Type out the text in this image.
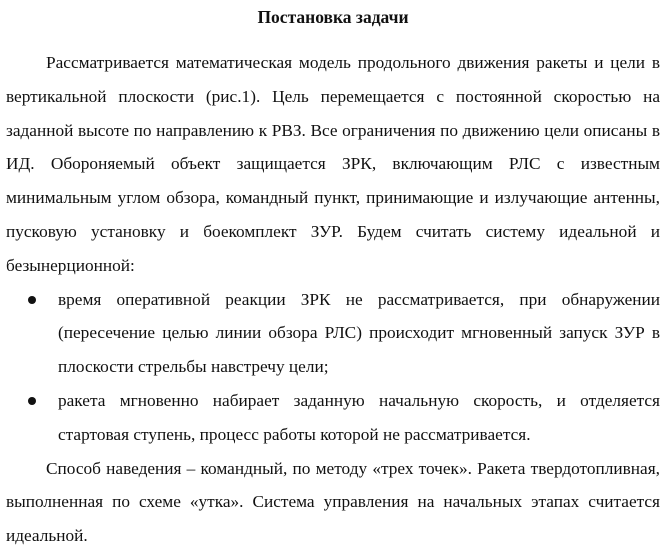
Постановка задачи

Рассматривается математическая модель продольного движения ракеты и цели в вертикальной плоскости (рис.1). Цель перемещается с постоянной скоростью на заданной высоте по направлению к РВЗ. Все ограничения по движению цели описаны в ИД. Обороняемый объект защищается ЗРК, включающим РЛС с известным минимальным углом обзора, командный пункт, принимающие и излучающие антенны, пусковую установку и боекомплект ЗУР. Будем считать систему идеальной и безынерционной:

время оперативной реакции ЗРК не рассматривается, при обнаружении (пересечение целью линии обзора РЛС) происходит мгновенный запуск ЗУР в плоскости стрельбы навстречу цели;
ракета мгновенно набирает заданную начальную скорость, и отделяется стартовая ступень, процесс работы которой не рассматривается.

Способ наведения – командный, по методу «трех точек». Ракета твердотопливная, выполненная по схеме «утка». Система управления на начальных этапах считается идеальной.
